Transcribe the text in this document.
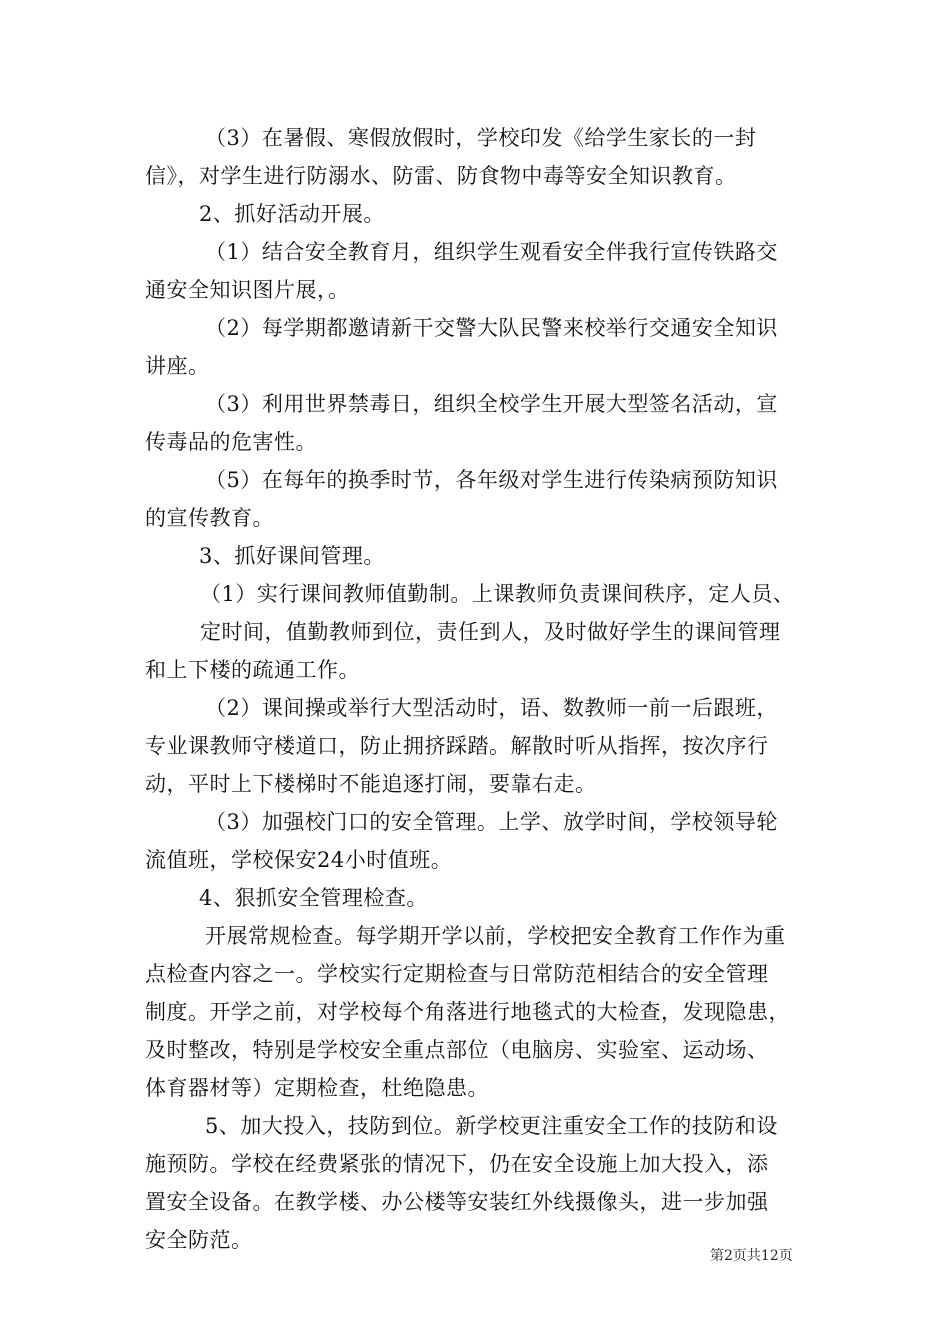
（3）在暑假、寒假放假时，学校印发《给学生家长的一封
信》，对学生进行防溺水、防雷、防食物中毒等安全知识教育。
2、抓好活动开展。
（1）结合安全教育月，组织学生观看安全伴我行宣传铁路交
通安全知识图片展，。
（2）每学期都邀请新干交警大队民警来校举行交通安全知识
讲座。
（3）利用世界禁毒日，组织全校学生开展大型签名活动，宣
传毒品的危害性。
（5）在每年的换季时节，各年级对学生进行传染病预防知识
的宣传教育。
3、抓好课间管理。
（1）实行课间教师值勤制。上课教师负责课间秩序，定人员、
定时间，值勤教师到位，责任到人，及时做好学生的课间管理
和上下楼的疏通工作。
（2）课间操或举行大型活动时，语、数教师一前一后跟班，
专业课教师守楼道口，防止拥挤踩踏。解散时听从指挥，按次序行
动，平时上下楼梯时不能追逐打闹，要靠右走。
（3）加强校门口的安全管理。上学、放学时间，学校领导轮
流值班，学校保安24小时值班。
4、狠抓安全管理检查。
开展常规检查。每学期开学以前，学校把安全教育工作作为重
点检查内容之一。学校实行定期检查与日常防范相结合的安全管理
制度。开学之前，对学校每个角落进行地毯式的大检查，发现隐患，
及时整改，特别是学校安全重点部位（电脑房、实验室、运动场、
体育器材等）定期检查，杜绝隐患。
5、加大投入，技防到位。新学校更注重安全工作的技防和设
施预防。学校在经费紧张的情况下，仍在安全设施上加大投入，添
置安全设备。在教学楼、办公楼等安装红外线摄像头，进一步加强
安全防范。
第2页共12页
